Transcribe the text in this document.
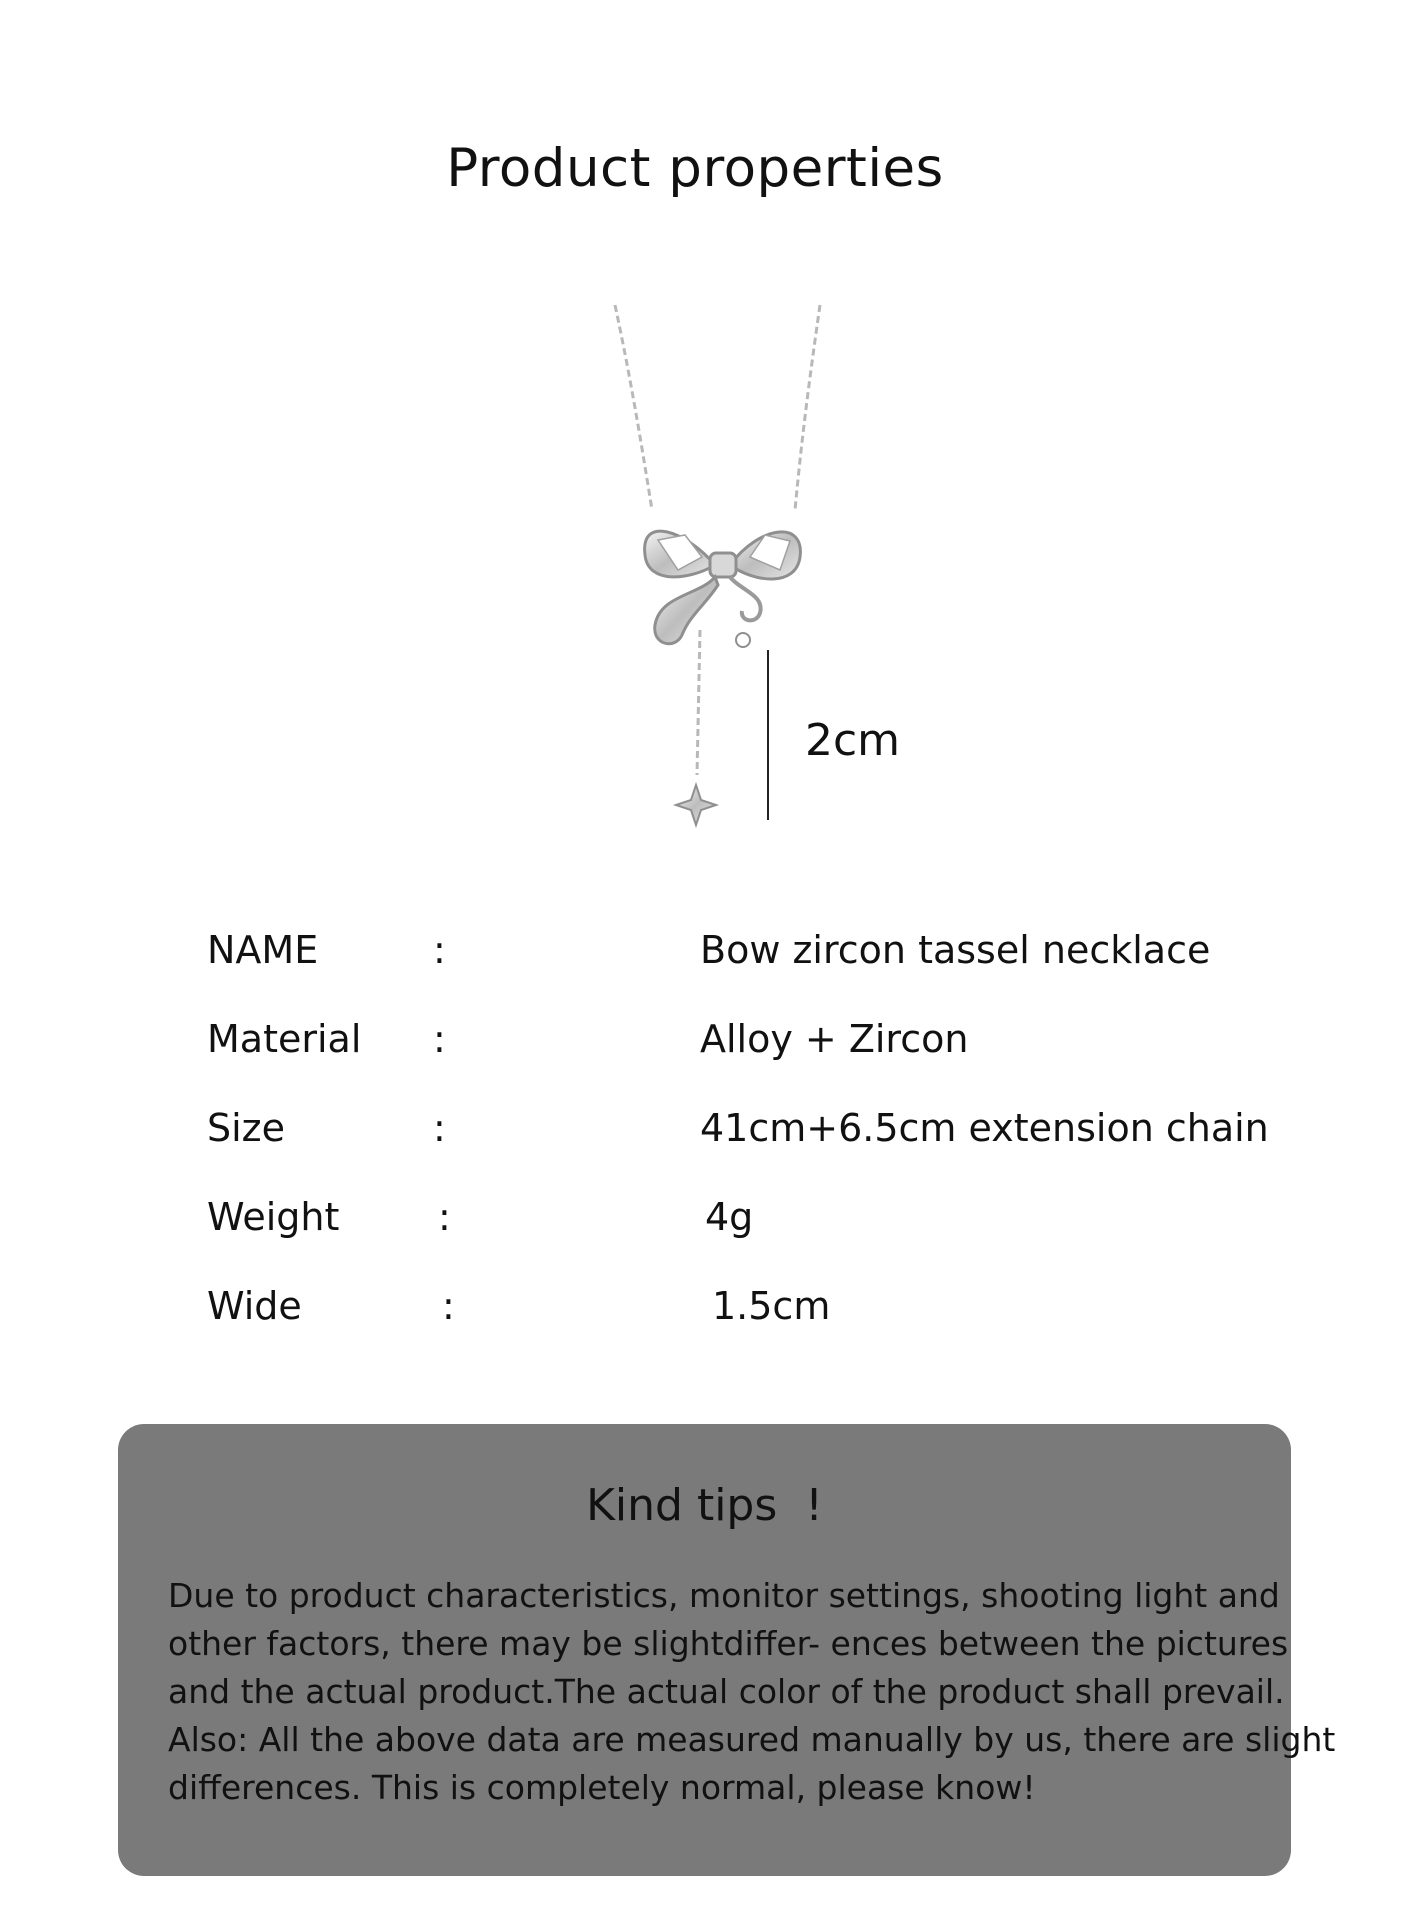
Product properties
2cm
NAME	:	Bow zircon tassel necklace
Material :	Alloy + Zircon
Size	:	41cm+6.5cm extension chain
Weight	:	4g
Wide	:	1.5cm
Kind tips  !
Due to product characteristics, monitor settings, shooting light and
other factors, there may be slightdiffer- ences between the pictures
and the actual product.The actual color of the product shall prevail.
Also: All the above data are measured manually by us, there are slight
differences. This is completely normal, please know!
